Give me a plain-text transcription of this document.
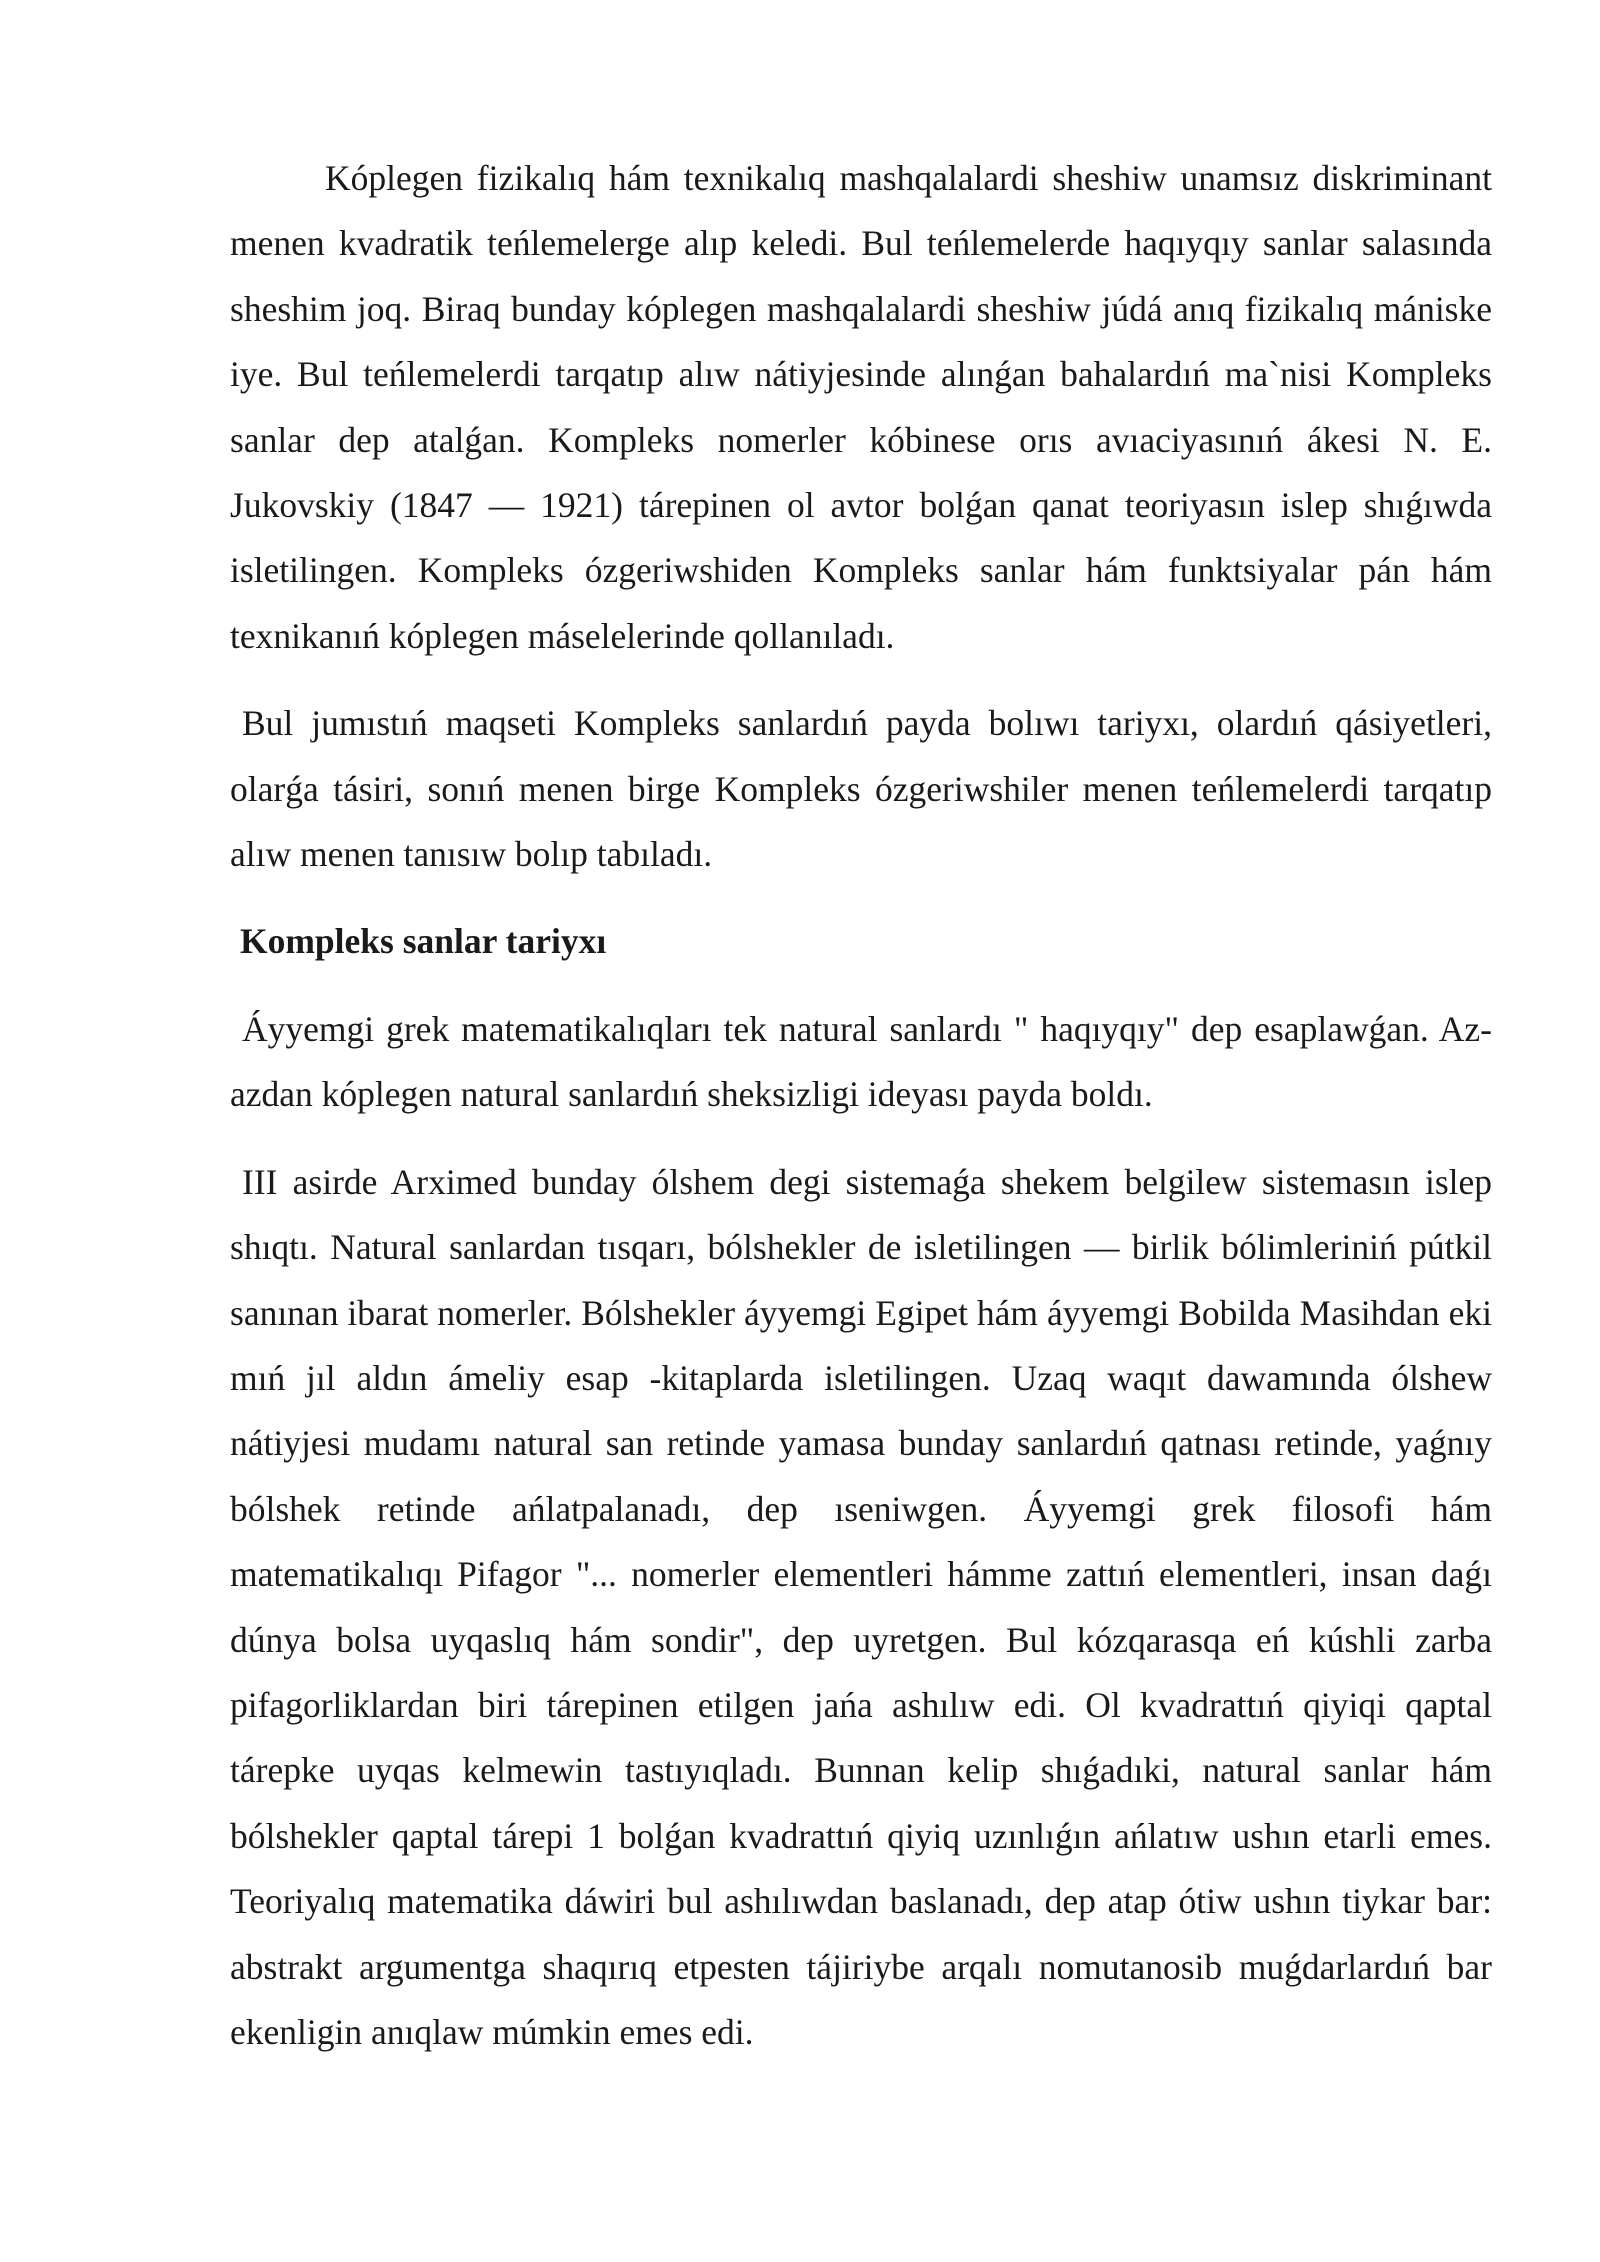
Kóplegen fizikalıq hám texnikalıq mashqalalardi sheshiw unamsız diskriminant menen kvadratik teńlemelerge alıp keledi. Bul teńlemelerde haqıyqıy sanlar salasında sheshim joq. Biraq bunday kóplegen mashqalalardi sheshiw júdá anıq fizikalıq mániske iye. Bul teńlemelerdi tarqatıp alıw nátiyjesinde alınǵan bahalardıń ma`nisi Kompleks sanlar dep atalǵan. Kompleks nomerler kóbinese orıs avıaciyasınıń ákesi N. E. Jukovskiy (1847 — 1921) tárepinen ol avtor bolǵan qanat teoriyasın islep shıǵıwda isletilingen. Kompleks ózgeriwshiden Kompleks sanlar hám funktsiyalar pán hám texnikanıń kóplegen máselelerinde qollanıladı.

Bul jumıstıń maqseti Kompleks sanlardıń payda bolıwı tariyxı, olardıń qásiyetleri, olarǵa tásiri, sonıń menen birge Kompleks ózgeriwshiler menen teńlemelerdi tarqatıp alıw menen tanısıw bolıp tabıladı.

Kompleks sanlar tariyxı

Áyyemgi grek matematikalıqları tek natural sanlardı " haqıyqıy" dep esaplawǵan. Az-azdan kóplegen natural sanlardıń sheksizligi ideyası payda boldı.

III asirde Arximed bunday ólshem degi sistemaǵa shekem belgilew sistemasın islep shıqtı. Natural sanlardan tısqarı, bólshekler de isletilingen — birlik bólimleriniń pútkil sanınan ibarat nomerler. Bólshekler áyyemgi Egipet hám áyyemgi Bobilda Masihdan eki mıń jıl aldın ámeliy esap -kitaplarda isletilingen. Uzaq waqıt dawamında ólshew nátiyjesi mudamı natural san retinde yamasa bunday sanlardıń qatnası retinde, yaǵnıy bólshek retinde ańlatpalanadı, dep ıseniwgen. Áyyemgi grek filosofi hám matematikalıqı Pifagor "... nomerler elementleri hámme zattıń elementleri, insan daǵı dúnya bolsa uyqaslıq hám sondir", dep uyretgen. Bul kózqarasqa eń kúshli zarba pifagorliklardan biri tárepinen etilgen jańa ashılıw edi. Ol kvadrattıń qiyiqi qaptal tárepke uyqas kelmewin tastıyıqladı. Bunnan kelip shıǵadıki, natural sanlar hám bólshekler qaptal tárepi 1 bolǵan kvadrattıń qiyiq uzınlıǵın ańlatıw ushın etarli emes. Teoriyalıq matematika dáwiri bul ashılıwdan baslanadı, dep atap ótiw ushın tiykar bar: abstrakt argumentga shaqırıq etpesten tájiriybe arqalı nomutanosib muǵdarlardıń bar ekenligin anıqlaw múmkin emes edi.
